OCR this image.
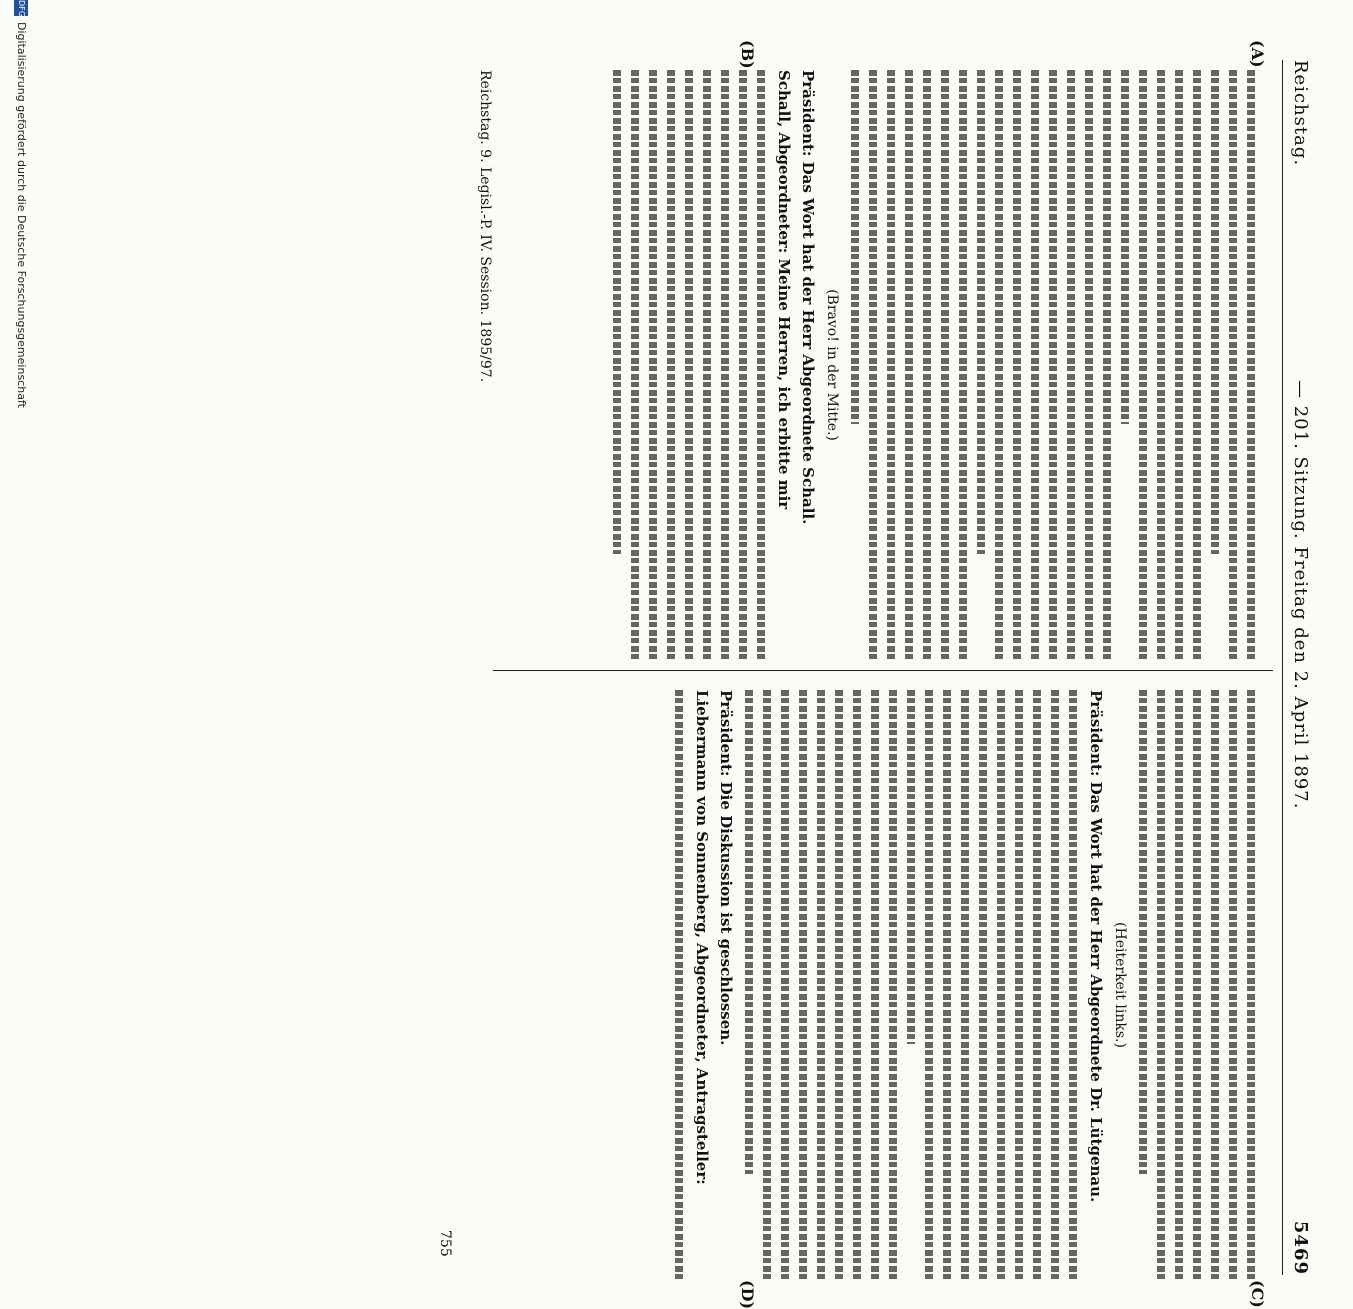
Reichstag.
— 201. Sitzung. Freitag den 2. April 1897.
5469
(A)
(B)
(C)
(D)
(Bravo! in der Mitte.)
Präsident: Das Wort hat der Herr Abgeordnete Schall.
Schall, Abgeordneter: Meine Herren, ich erbitte mir
(Heiterkeit links.)
Präsident: Das Wort hat der Herr Abgeordnete Dr. Lütgenau.
Präsident: Die Diskussion ist geschlossen.
Liebermann von Sonnenberg, Abgeordneter, Antragsteller:
Reichstag. 9. Legisl.-P. IV. Session. 1895/97.
755
DFG
Digitalisierung gefördert durch die Deutsche Forschungsgemeinschaft
